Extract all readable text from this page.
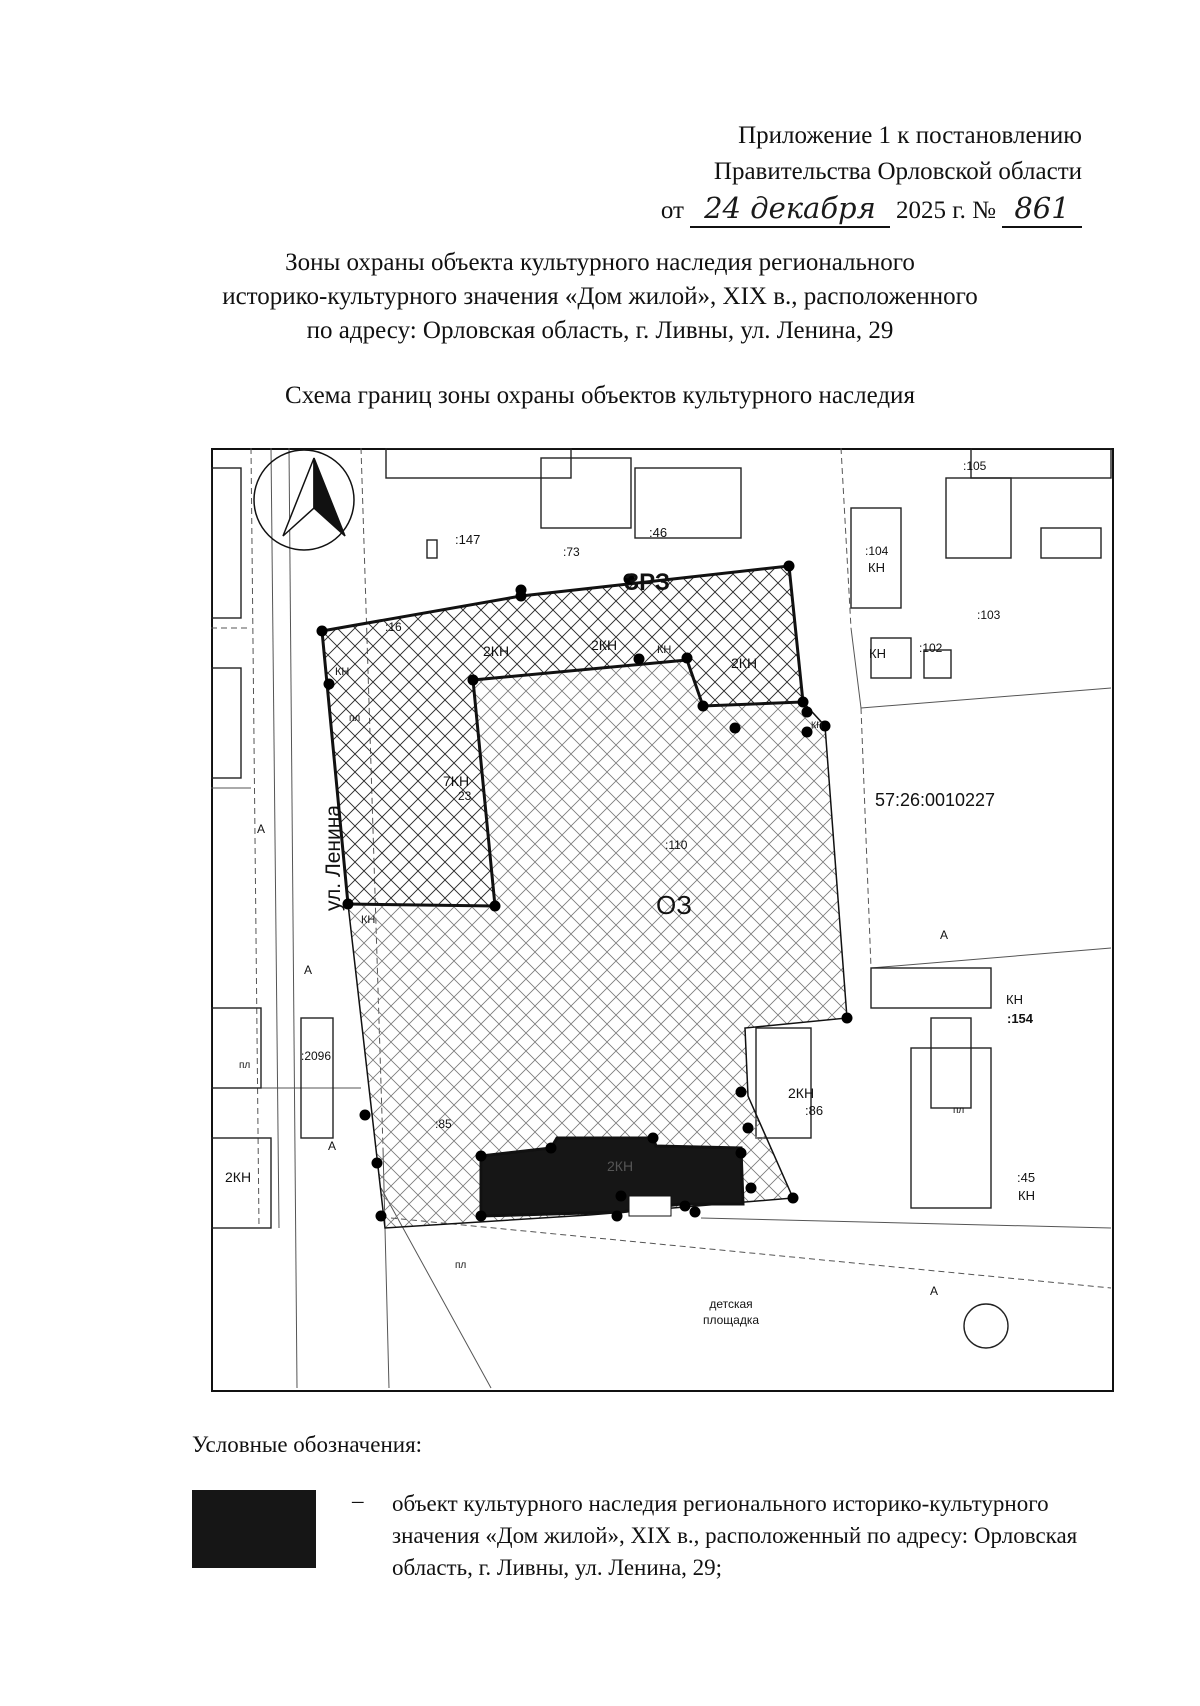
Приложение 1 к постановлению
Правительства Орловской области
от 24 декабря 2025 г. № 861
Зоны охраны объекта культурного наследия регионального
историко-культурного значения «Дом жилой», XIX в., расположенного
по адресу: Орловская область, г. Ливны, ул. Ленина, 29
Схема границ зоны охраны объектов культурного наследия
ул. Ленина
ЗРЗ
ОЗ
57:26:0010227
детская
площадка
:147	:46
:73
:105
:104
:103
:102
:16
23
:110
:154
:86
:45
:85
:2096
КН
КН
КН
КН
КН
КН
КН
КН
2КН	2КН
2КН
2КН
2КН
2КН
7КН
А
А
А
А
А
пл
пл
пл
пл
Условные обозначения:
– объект культурного наследия регионального историко-культурного значения «Дом жилой», XIX в., расположенный по адресу: Орловская область, г. Ливны, ул. Ленина, 29;
